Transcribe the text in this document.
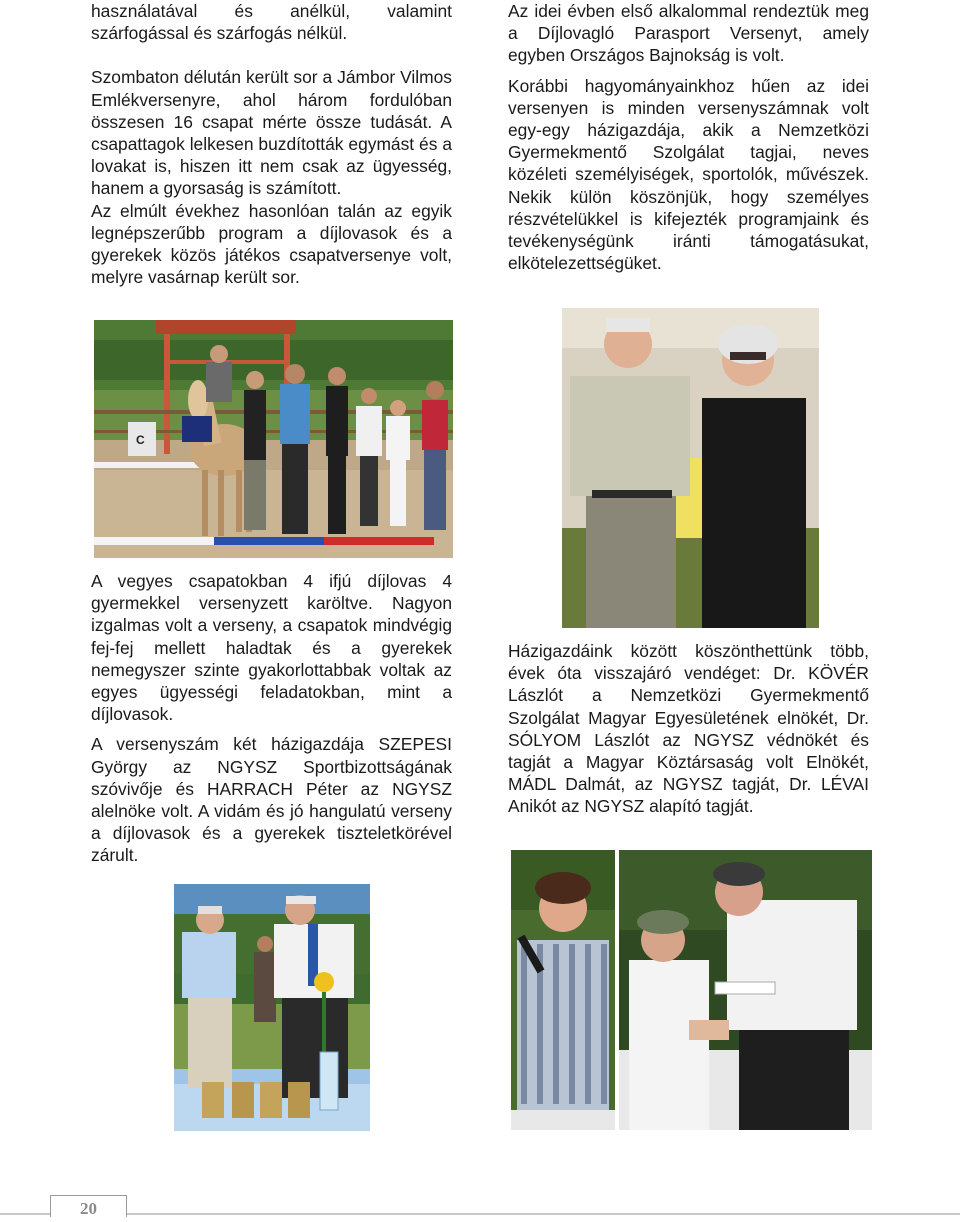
használatával és anélkül, valamint szárfogással és szárfogás nélkül.

Szombaton délután került sor a Jámbor Vilmos Emlékversenyre, ahol három fordulóban összesen 16 csapat mérte össze tudását. A csapattagok lelkesen buzdították egymást és a lovakat is, hiszen itt nem csak az ügyesség, hanem a gyorsaság is számított.

Az elmúlt évekhez hasonlóan talán az egyik legnépszerűbb program a díjlovasok és a gyerekek közös játékos csapatversenye volt, melyre vasárnap került sor.

C

A vegyes csapatokban 4 ifjú díjlovas 4 gyermekkel versenyzett karöltve. Nagyon izgalmas volt a verseny, a csapatok mindvégig fej-fej mellett haladtak és a gyerekek nemegyszer szinte gyakorlottabbak voltak az egyes ügyességi feladatokban, mint a díjlovasok.

A versenyszám két házigazdája SZEPESI György az NGYSZ Sportbizottságának szóvivője és HARRACH Péter az NGYSZ alelnöke volt. A vidám és jó hangulatú verseny a díjlovasok és a gyerekek tiszteletkörével zárult.

Az idei évben első alkalommal rendeztük meg a Díjlovagló Parasport Versenyt, amely egyben Országos Bajnokság is volt.

Korábbi hagyományainkhoz hűen az idei versenyen is minden versenyszámnak volt egy-egy házigazdája, akik a Nemzetközi Gyermekmentő Szolgálat tagjai, neves közéleti személyiségek, sportolók, művészek. Nekik külön köszönjük, hogy személyes részvételükkel is kifejezték programjaink és tevékenységünk iránti támogatásukat, elkötelezettségüket.

Házigazdáink között köszönthettünk több, évek óta visszajáró vendéget: Dr. KÖVÉR Lászlót a Nemzetközi Gyermekmentő Szolgálat Magyar Egyesületének elnökét, Dr. SÓLYOM Lászlót az NGYSZ védnökét és tagját a Magyar Köztársaság volt Elnökét, MÁDL Dalmát, az NGYSZ tagját, Dr. LÉVAI Anikót az NGYSZ alapító tagját.

20
